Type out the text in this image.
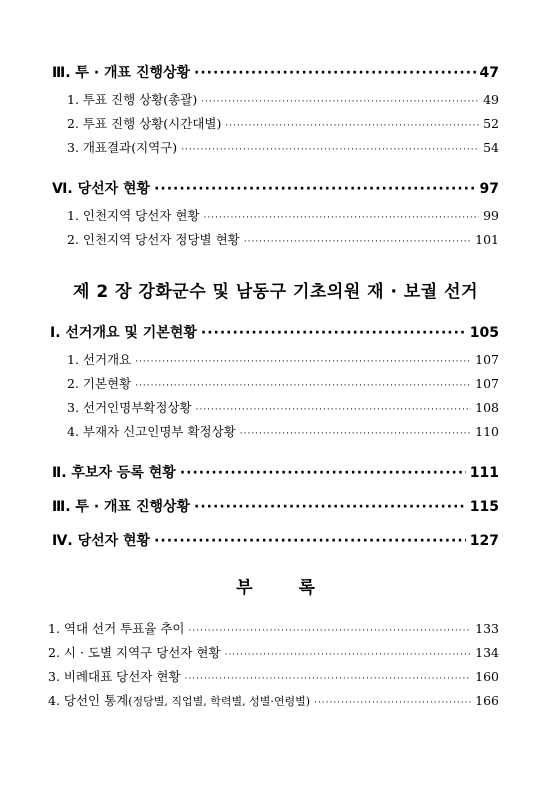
Ⅲ. 투 · 개표 진행상황 ·····	47
1. 투표 진행 상황(총괄) ·····	49
2. 투표 진행 상황(시간대별) ·····	52
3. 개표결과(지역구) ·····	54
Ⅵ. 당선자 현황 ·····	97
1. 인천지역 당선자 현황 ·····	99
2. 인천지역 당선자 정당별 현황 ·····	101
제 2 장 강화군수 및 남동구 기초의원 재 · 보궐 선거
Ⅰ. 선거개요 및 기본현황 ·····	105
1. 선거개요 ·····	107
2. 기본현황 ·····	107
3. 선거인명부확정상황 ·····	108
4. 부재자 신고인명부 확정상황 ·····	110
Ⅱ. 후보자 등록 현황 ·····	111
Ⅲ. 투 · 개표 진행상황 ·····	115
Ⅳ. 당선자 현황 ·····	127
부 록
1. 역대 선거 투표율 추이 ·····	133
2. 시 · 도별 지역구 당선자 현황 ·····	134
3. 비례대표 당선자 현황 ·····	160
4. 당선인 통계(정당별, 직업별, 학력별, 성별·연령별) ·····	166
